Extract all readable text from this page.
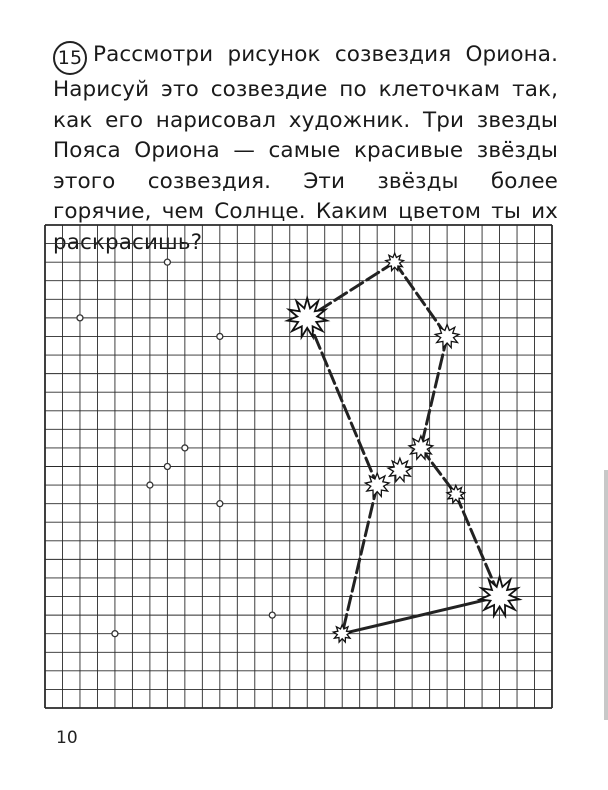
15 Рассмотри рисунок созвездия Ориона. Нарисуй это созвездие по клеточкам так, как его нарисовал художник. Три звезды Пояса Ориона — самые красивые звёзды этого созвездия. Эти звёзды более горячие, чем Солнце. Каким цветом ты их раскрасишь?
10
